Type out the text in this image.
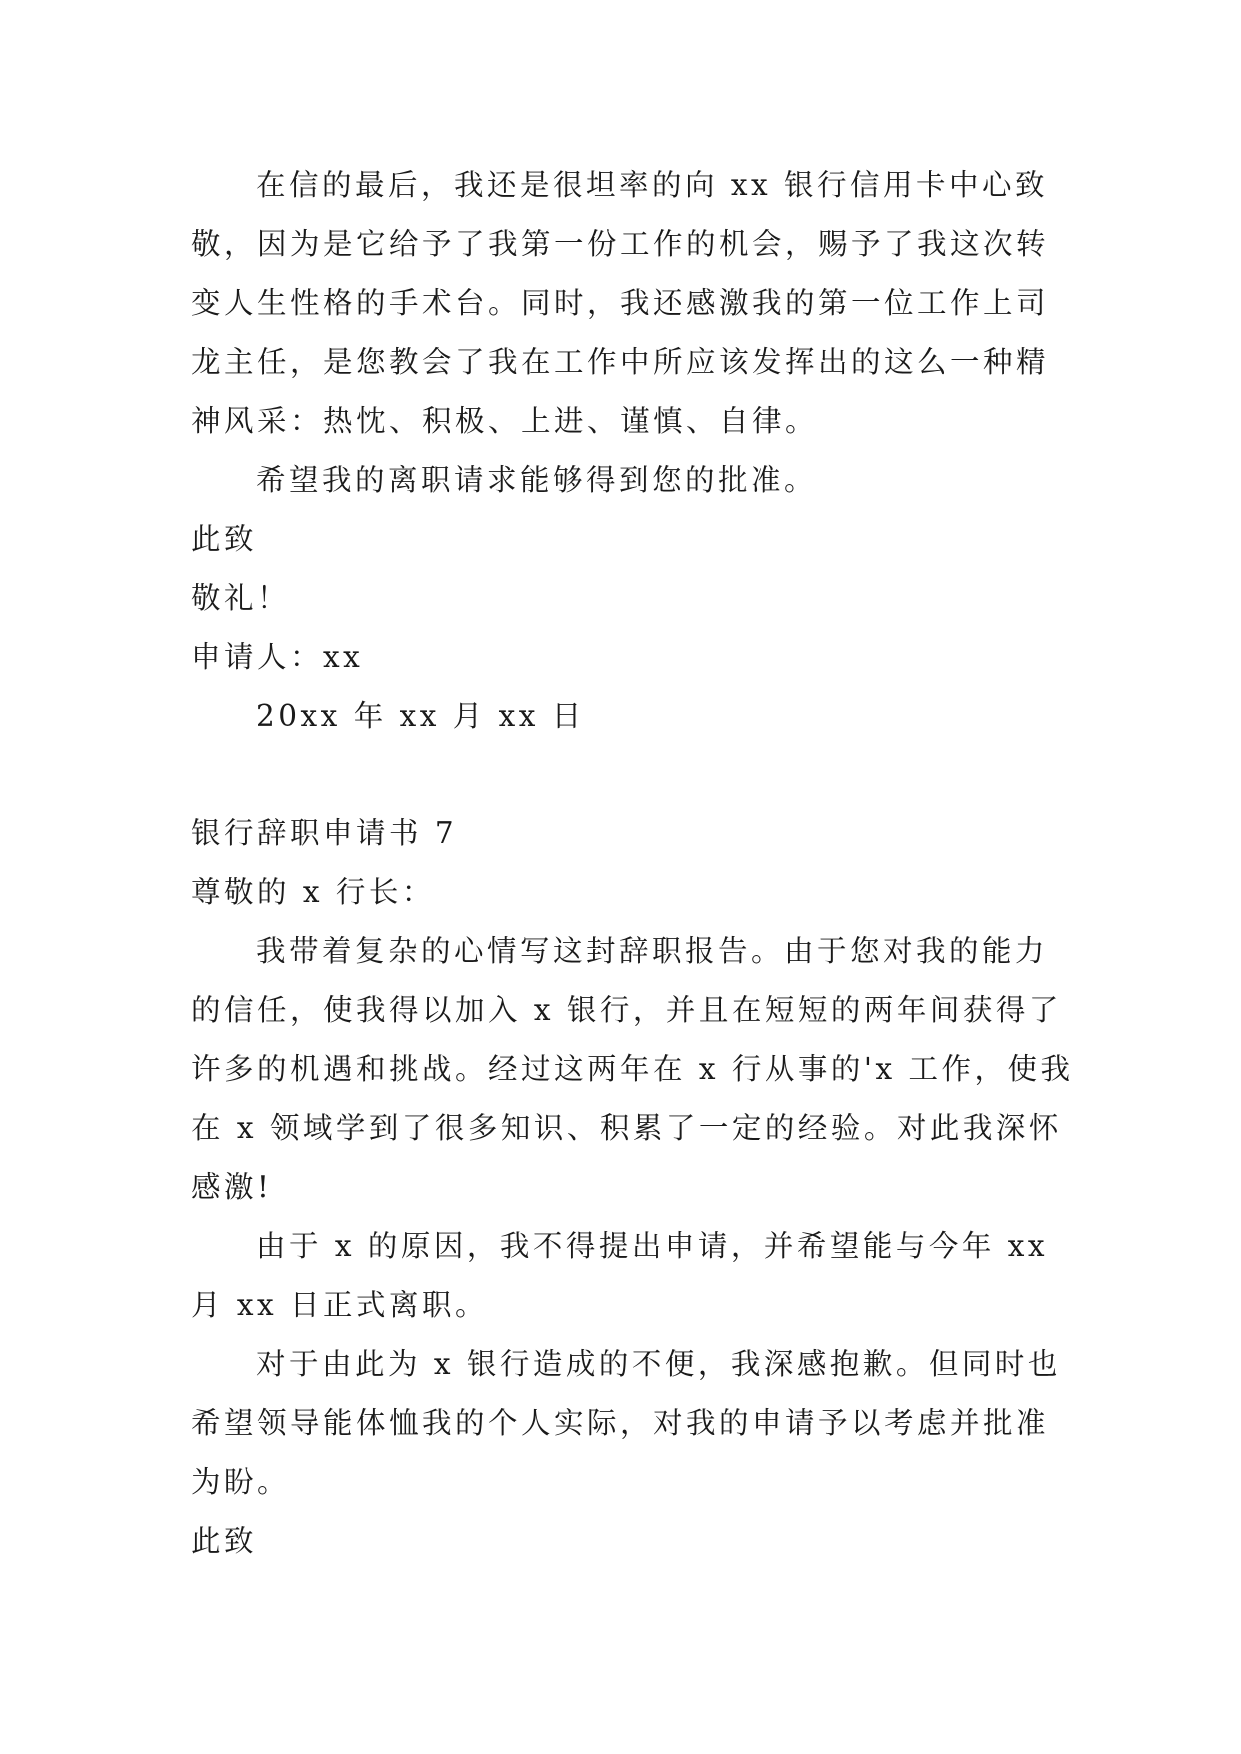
在信的最后，我还是很坦率的向 xx 银行信用卡中心致
敬，因为是它给予了我第一份工作的机会，赐予了我这次转
变人生性格的手术台。同时，我还感激我的第一位工作上司
龙主任，是您教会了我在工作中所应该发挥出的这么一种精
神风采：热忱、积极、上进、谨慎、自律。
希望我的离职请求能够得到您的批准。
此致
敬礼！
申请人：xx
20xx 年 xx 月 xx 日
银行辞职申请书 7
尊敬的 x 行长：
我带着复杂的心情写这封辞职报告。由于您对我的能力
的信任，使我得以加入 x 银行，并且在短短的两年间获得了
许多的机遇和挑战。经过这两年在 x 行从事的'x 工作，使我
在 x 领域学到了很多知识、积累了一定的经验。对此我深怀
感激!
由于 x 的原因，我不得提出申请，并希望能与今年 xx
月 xx 日正式离职。
对于由此为 x 银行造成的不便，我深感抱歉。但同时也
希望领导能体恤我的个人实际，对我的申请予以考虑并批准
为盼。
此致
